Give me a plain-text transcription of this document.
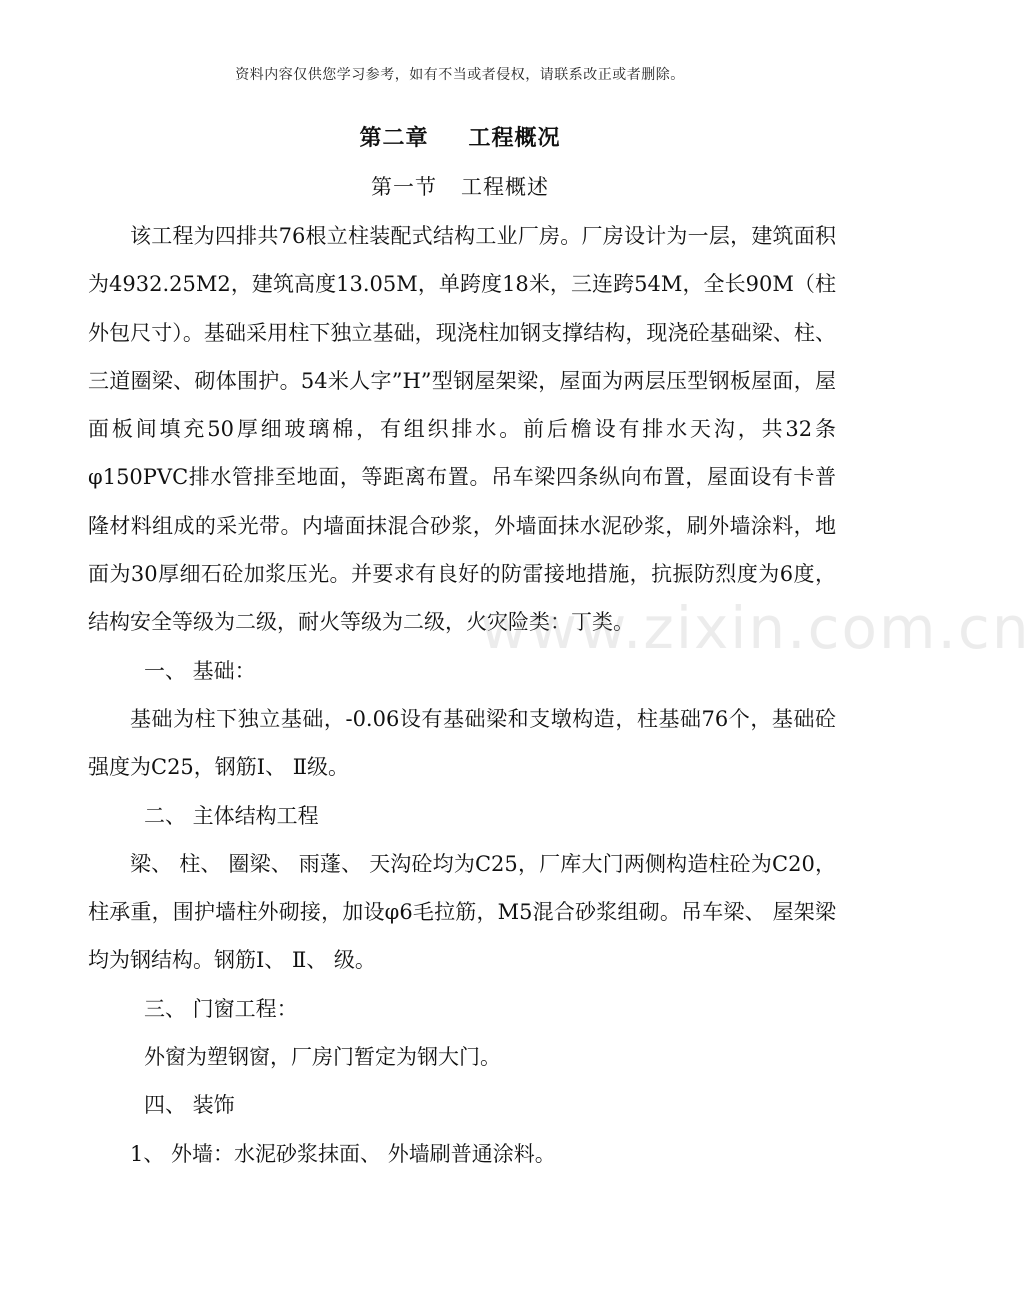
资料内容仅供您学习参考，如有不当或者侵权，请联系改正或者删除。
第二章 工程概况
第一节 工程概述

该工程为四排共76根立柱装配式结构工业厂房。厂房设计为一层，建筑面积为4932.25M2，建筑高度13.05M，单跨度18米，三连跨54M，全长90M（柱外包尺寸）。基础采用柱下独立基础，现浇柱加钢支撑结构，现浇砼基础梁、柱、三道圈梁、砌体围护。54米人字”H”型钢屋架梁，屋面为两层压型钢板屋面，屋面板间填充50厚细玻璃棉，有组织排水。前后檐设有排水天沟，共32条φ150PVC排水管排至地面，等距离布置。吊车梁四条纵向布置，屋面设有卡普隆材料组成的采光带。内墙面抹混合砂浆，外墙面抹水泥砂浆，刷外墙涂料，地面为30厚细石砼加浆压光。并要求有良好的防雷接地措施，抗振防烈度为6度，结构安全等级为二级，耐火等级为二级，火灾险类：丁类。

一、 基础：

基础为柱下独立基础，-0.06设有基础梁和支墩构造，柱基础76个，基础砼强度为C25，钢筋Ⅰ、 Ⅱ级。

二、 主体结构工程

梁、 柱、 圈梁、 雨蓬、 天沟砼均为C25，厂库大门两侧构造柱砼为C20，柱承重，围护墙柱外砌接，加设φ6毛拉筋，M5混合砂浆组砌。吊车梁、 屋架梁均为钢结构。钢筋Ⅰ、 Ⅱ、 级。

三、 门窗工程：

外窗为塑钢窗，厂房门暂定为钢大门。

四、 装饰

1、 外墙：水泥砂浆抹面、 外墙刷普通涂料。

www.zixin.com.cn
